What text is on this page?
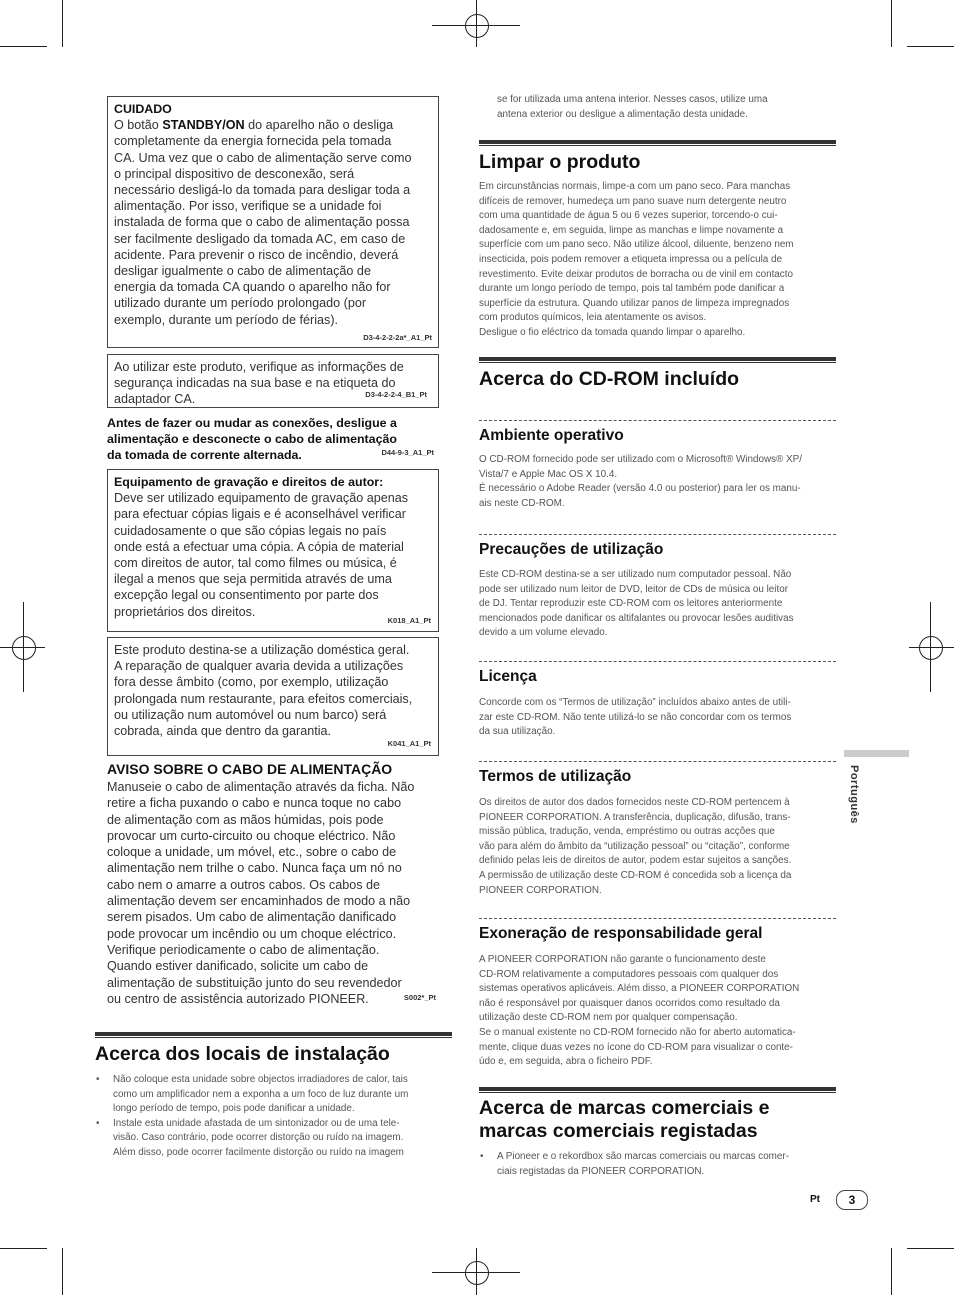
CUIDADO
O botão STANDBY/ON do aparelho não o desliga
completamente da energia fornecida pela tomada
CA. Uma vez que o cabo de alimentação serve como
o principal dispositivo de desconexão, será
necessário desligá-lo da tomada para desligar toda a
alimentação. Por isso, verifique se a unidade foi
instalada de forma que o cabo de alimentação possa
ser facilmente desligado da tomada AC, em caso de
acidente. Para prevenir o risco de incêndio, deverá
desligar igualmente o cabo de alimentação de
energia da tomada CA quando o aparelho não for
utilizado durante um período prolongado (por
exemplo, durante um período de férias).
D3-4-2-2-2a*_A1_Pt
Ao utilizar este produto, verifique as informações de
segurança indicadas na sua base e na etiqueta do
adaptador CA.	D3-4-2-2-4_B1_Pt
Antes de fazer ou mudar as conexões, desligue a
alimentação e desconecte o cabo de alimentação
da tomada de corrente alternada.	D44-9-3_A1_Pt
Equipamento de gravação e direitos de autor:
Deve ser utilizado equipamento de gravação apenas
para efectuar cópias ligais e é aconselhável verificar
cuidadosamente o que são cópias legais no país
onde está a efectuar uma cópia. A cópia de material
com direitos de autor, tal como filmes ou música, é
ilegal a menos que seja permitida através de uma
excepção legal ou consentimento por parte dos
proprietários dos direitos.
K018_A1_Pt
Este produto destina-se a utilização doméstica geral.
A reparação de qualquer avaria devida a utilizações
fora desse âmbito (como, por exemplo, utilização
prolongada num restaurante, para efeitos comerciais,
ou utilização num automóvel ou num barco) será
cobrada, ainda que dentro da garantia.
K041_A1_Pt
AVISO SOBRE O CABO DE ALIMENTAÇÃO
Manuseie o cabo de alimentação através da ficha. Não
retire a ficha puxando o cabo e nunca toque no cabo
de alimentação com as mãos húmidas, pois pode
provocar um curto-circuito ou choque eléctrico. Não
coloque a unidade, um móvel, etc., sobre o cabo de
alimentação nem trilhe o cabo. Nunca faça um nó no
cabo nem o amarre a outros cabos. Os cabos de
alimentação devem ser encaminhados de modo a não
serem pisados. Um cabo de alimentação danificado
pode provocar um incêndio ou um choque eléctrico.
Verifique periodicamente o cabo de alimentação.
Quando estiver danificado, solicite um cabo de
alimentação de substituição junto do seu revendedor
ou centro de assistência autorizado PIONEER.	S002*_Pt
Acerca dos locais de instalação
• Não coloque esta unidade sobre objectos irradiadores de calor, tais
como um amplificador nem a exponha a um foco de luz durante um
longo período de tempo, pois pode danificar a unidade.
• Instale esta unidade afastada de um sintonizador ou de uma tele-
visão. Caso contrário, pode ocorrer distorção ou ruído na imagem.
Além disso, pode ocorrer facilmente distorção ou ruído na imagem
se for utilizada uma antena interior. Nesses casos, utilize uma
antena exterior ou desligue a alimentação desta unidade.
Limpar o produto
Em circunstâncias normais, limpe-a com um pano seco. Para manchas
difíceis de remover, humedeça um pano suave num detergente neutro
com uma quantidade de água 5 ou 6 vezes superior, torcendo-o cui-
dadosamente e, em seguida, limpe as manchas e limpe novamente a
superfície com um pano seco. Não utilize álcool, diluente, benzeno nem
insecticida, pois podem remover a etiqueta impressa ou a película de
revestimento. Evite deixar produtos de borracha ou de vinil em contacto
durante um longo período de tempo, pois tal também pode danificar a
superfície da estrutura. Quando utilizar panos de limpeza impregnados
com produtos químicos, leia atentamente os avisos.
Desligue o fio eléctrico da tomada quando limpar o aparelho.
Acerca do CD-ROM incluído
Ambiente operativo
O CD-ROM fornecido pode ser utilizado com o Microsoft® Windows® XP/
Vista/7 e Apple Mac OS X 10.4.
É necessário o Adobe Reader (versão 4.0 ou posterior) para ler os manu-
ais neste CD-ROM.
Precauções de utilização
Este CD-ROM destina-se a ser utilizado num computador pessoal. Não
pode ser utilizado num leitor de DVD, leitor de CDs de música ou leitor
de DJ. Tentar reproduzir este CD-ROM com os leitores anteriormente
mencionados pode danificar os altifalantes ou provocar lesões auditivas
devido a um volume elevado.
Licença
Concorde com os “Termos de utilização” incluídos abaixo antes de utili-
zar este CD-ROM. Não tente utilizá-lo se não concordar com os termos
da sua utilização.
Termos de utilização
Os direitos de autor dos dados fornecidos neste CD-ROM pertencem à
PIONEER CORPORATION. A transferência, duplicação, difusão, trans-
missão pública, tradução, venda, empréstimo ou outras acções que
vão para além do âmbito da “utilização pessoal” ou “citação”, conforme
definido pelas leis de direitos de autor, podem estar sujeitos a sanções.
A permissão de utilização deste CD-ROM é concedida sob a licença da
PIONEER CORPORATION.
Exoneração de responsabilidade geral
A PIONEER CORPORATION não garante o funcionamento deste
CD-ROM relativamente a computadores pessoais com qualquer dos
sistemas operativos aplicáveis. Além disso, a PIONEER CORPORATION
não é responsável por quaisquer danos ocorridos como resultado da
utilização deste CD-ROM nem por qualquer compensação.
Se o manual existente no CD-ROM fornecido não for aberto automatica-
mente, clique duas vezes no ícone do CD-ROM para visualizar o conte-
údo e, em seguida, abra o ficheiro PDF.
Acerca de marcas comerciais e
marcas comerciais registadas
• A Pioneer e o rekordbox são marcas comerciais ou marcas comer-
ciais registadas da PIONEER CORPORATION.
Português
Pt	3
